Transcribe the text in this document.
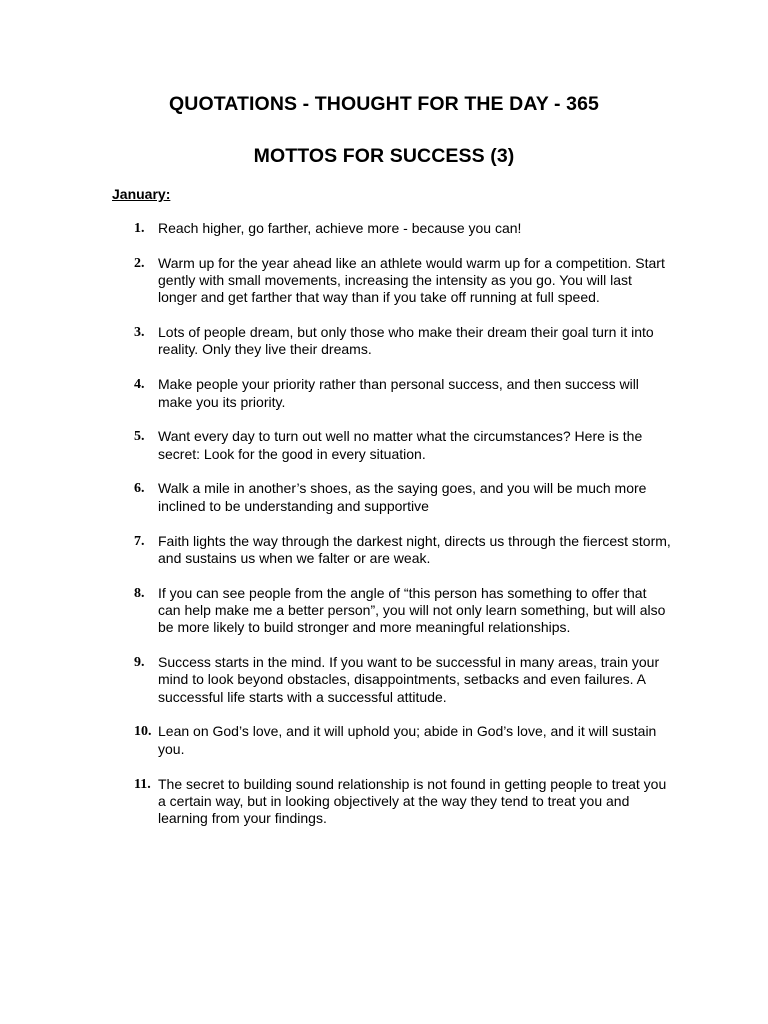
QUOTATIONS - THOUGHT FOR THE DAY - 365
MOTTOS FOR SUCCESS (3)
January:
1. Reach higher, go farther, achieve more - because you can!
2. Warm up for the year ahead like an athlete would warm up for a competition. Start gently with small movements, increasing the intensity as you go. You will last longer and get farther that way than if you take off running at full speed.
3. Lots of people dream, but only those who make their dream their goal turn it into reality. Only they live their dreams.
4. Make people your priority rather than personal success, and then success will make you its priority.
5. Want every day to turn out well no matter what the circumstances? Here is the secret: Look for the good in every situation.
6. Walk a mile in another’s shoes, as the saying goes, and you will be much more inclined to be understanding and supportive
7. Faith lights the way through the darkest night, directs us through the fiercest storm, and sustains us when we falter or are weak.
8. If you can see people from the angle of “this person has something to offer that can help make me a better person”, you will not only learn something, but will also be more likely to build stronger and more meaningful relationships.
9. Success starts in the mind. If you want to be successful in many areas, train your mind to look beyond obstacles, disappointments, setbacks and even failures. A successful life starts with a successful attitude.
10. Lean on God’s love, and it will uphold you; abide in God’s love, and it will sustain you.
11. The secret to building sound relationship is not found in getting people to treat you a certain way, but in looking objectively at the way they tend to treat you and learning from your findings.
